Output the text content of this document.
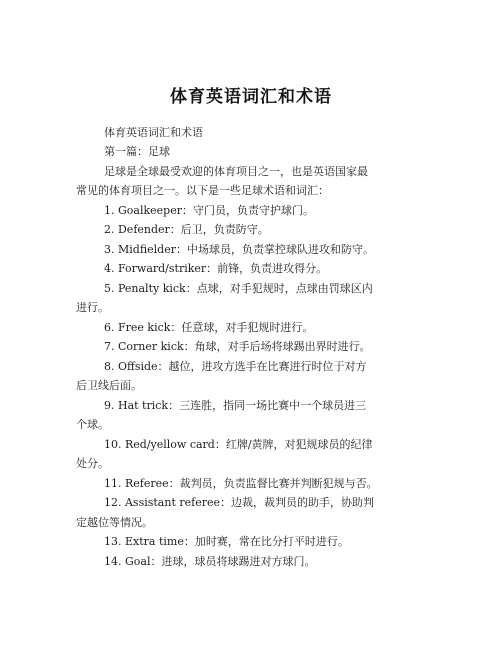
体育英语词汇和术语
体育英语词汇和术语
第一篇：足球
足球是全球最受欢迎的体育项目之一，也是英语国家最
常见的体育项目之一。以下是一些足球术语和词汇：
1. Goalkeeper：守门员，负责守护球门。
2. Defender：后卫，负责防守。
3. Midfielder：中场球员，负责掌控球队进攻和防守。
4. Forward/striker：前锋，负责进攻得分。
5. Penalty kick：点球，对手犯规时，点球由罚球区内
进行。
6. Free kick：任意球，对手犯规时进行。
7. Corner kick：角球，对手后场将球踢出界时进行。
8. Offside：越位，进攻方选手在比赛进行时位于对方
后卫线后面。
9. Hat trick：三连胜，指同一场比赛中一个球员进三
个球。
10. Red/yellow card：红牌/黄牌，对犯规球员的纪律
处分。
11. Referee：裁判员，负责监督比赛并判断犯规与否。
12. Assistant referee：边裁，裁判员的助手，协助判
定越位等情况。
13. Extra time：加时赛，常在比分打平时进行。
14. Goal：进球，球员将球踢进对方球门。
